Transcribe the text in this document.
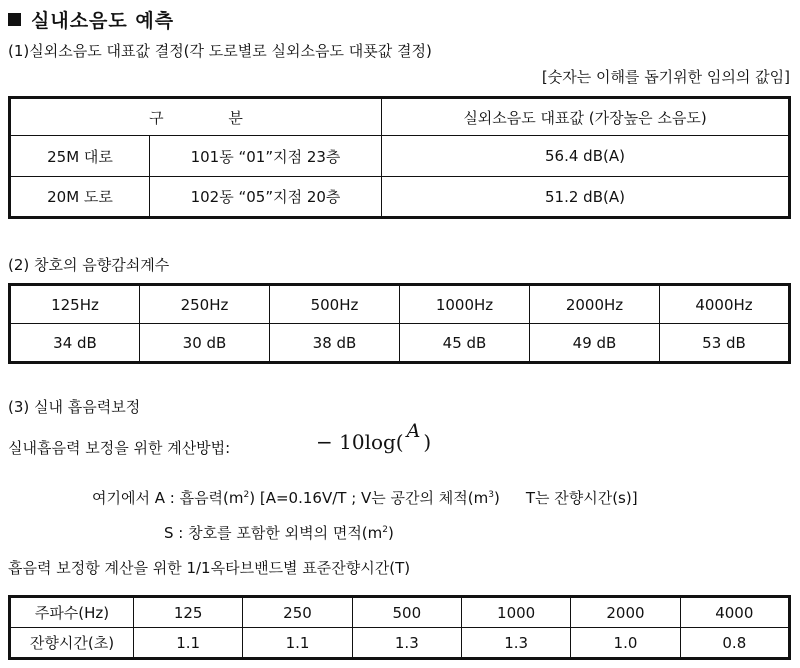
실내소음도 예측
(1)실외소음도 대표값 결정(각 도로별로 실외소음도 대푯값 결정)
[숫자는 이해를 돕기위한 임의의 값임]
구 분		실외소음도 대표값 (가장높은 소음도)
25M 대로	101동 “01”지점 23층	56.4 dB(A)
20M 도로	102동 “05”지점 20층	51.2 dB(A)
(2) 창호의 음향감쇠계수
125Hz	250Hz	500Hz	1000Hz	2000Hz	4000Hz
34 dB	30 dB	38 dB	45 dB	49 dB	53 dB
(3) 실내 흡음력보정
실내흡음력 보정을 위한 계산방법:	− 10log( A )
여기에서 A : 흡음력$(m^2)$ [A=0.16V/T ; V는 공간의 체적$(m^3)$ T는 잔향시간(s)]
S : 창호를 포함한 외벽의 면적$(m^2)$
흡음력 보정항 계산을 위한 1/1옥타브밴드별 표준잔향시간(T)
주파수(Hz)	125	250	500	1000	2000	4000
잔향시간(초)	1.1	1.1	1.3	1.3	1.0	0.8
